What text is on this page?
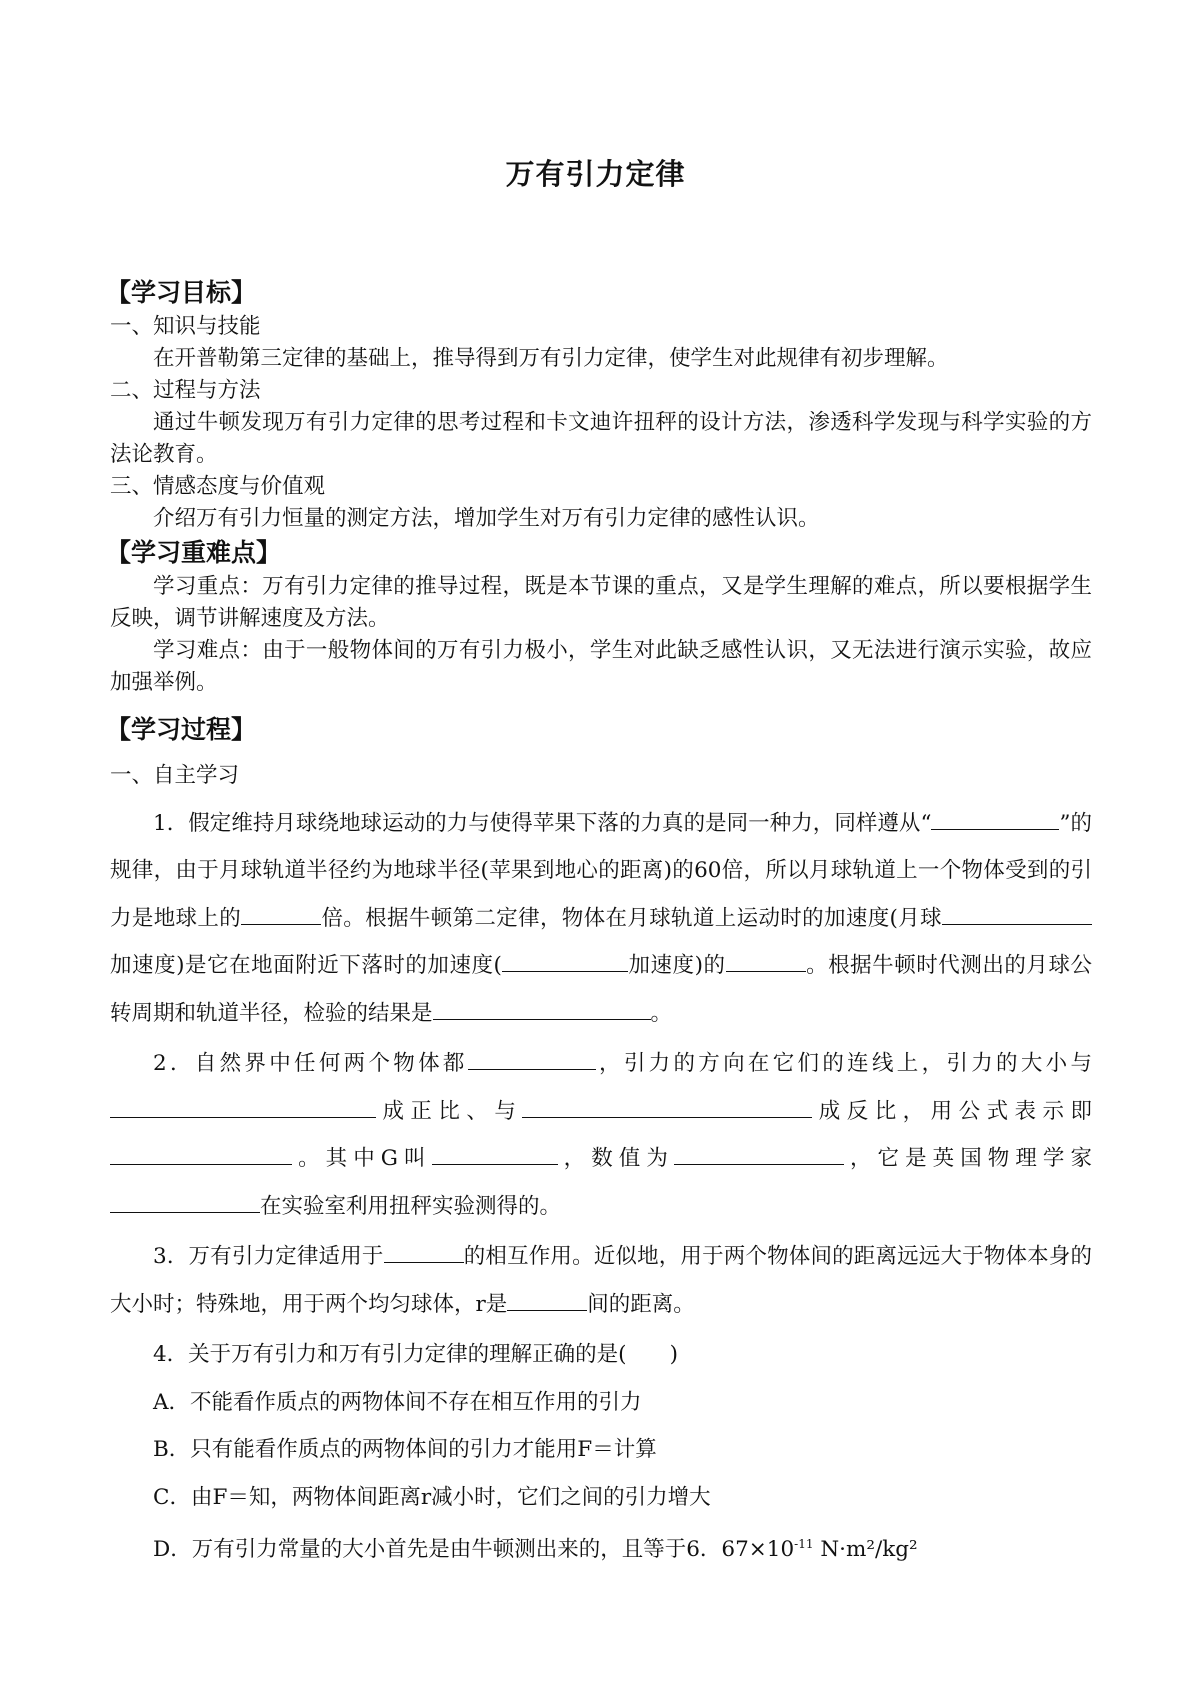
万有引力定律
【学习目标】
一、知识与技能
在开普勒第三定律的基础上，推导得到万有引力定律，使学生对此规律有初步理解。
二、过程与方法
通过牛顿发现万有引力定律的思考过程和卡文迪许扭秤的设计方法，渗透科学发现与科学实验的方法论教育。
三、情感态度与价值观
介绍万有引力恒量的测定方法，增加学生对万有引力定律的感性认识。
【学习重难点】
学习重点：万有引力定律的推导过程，既是本节课的重点，又是学生理解的难点，所以要根据学生反映，调节讲解速度及方法。
学习难点：由于一般物体间的万有引力极小，学生对此缺乏感性认识，又无法进行演示实验，故应加强举例。
【学习过程】
一、自主学习
1．假定维持月球绕地球运动的力与使得苹果下落的力真的是同一种力，同样遵从“	”的规律，由于月球轨道半径约为地球半径(苹果到地心的距离)的60倍，所以月球轨道上一个物体受到的引力是地球上的	倍。根据牛顿第二定律，物体在月球轨道上运动时的加速度(月球加速度)是它在地面附近下落时的加速度(	加速度)的	。根据牛顿时代测出的月球公转周期和轨道半径，检验的结果是	。
2．自然界中任何两个物体都	，引力的方向在它们的连线上，引力的大小与成正比、与	成反比，用公式表示即。其中G叫	，数值为	，它是英国物理学家在实验室利用扭秤实验测得的。
3．万有引力定律适用于	的相互作用。近似地，用于两个物体间的距离远远大于物体本身的大小时；特殊地，用于两个均匀球体，r是	间的距离。
4．关于万有引力和万有引力定律的理解正确的是(　　)
A．不能看作质点的两物体间不存在相互作用的引力
B．只有能看作质点的两物体间的引力才能用F＝计算
C．由F＝知，两物体间距离r减小时，它们之间的引力增大
D．万有引力常量的大小首先是由牛顿测出来的，且等于6．$67\times 10^{-11}$ N·m²/kg²
